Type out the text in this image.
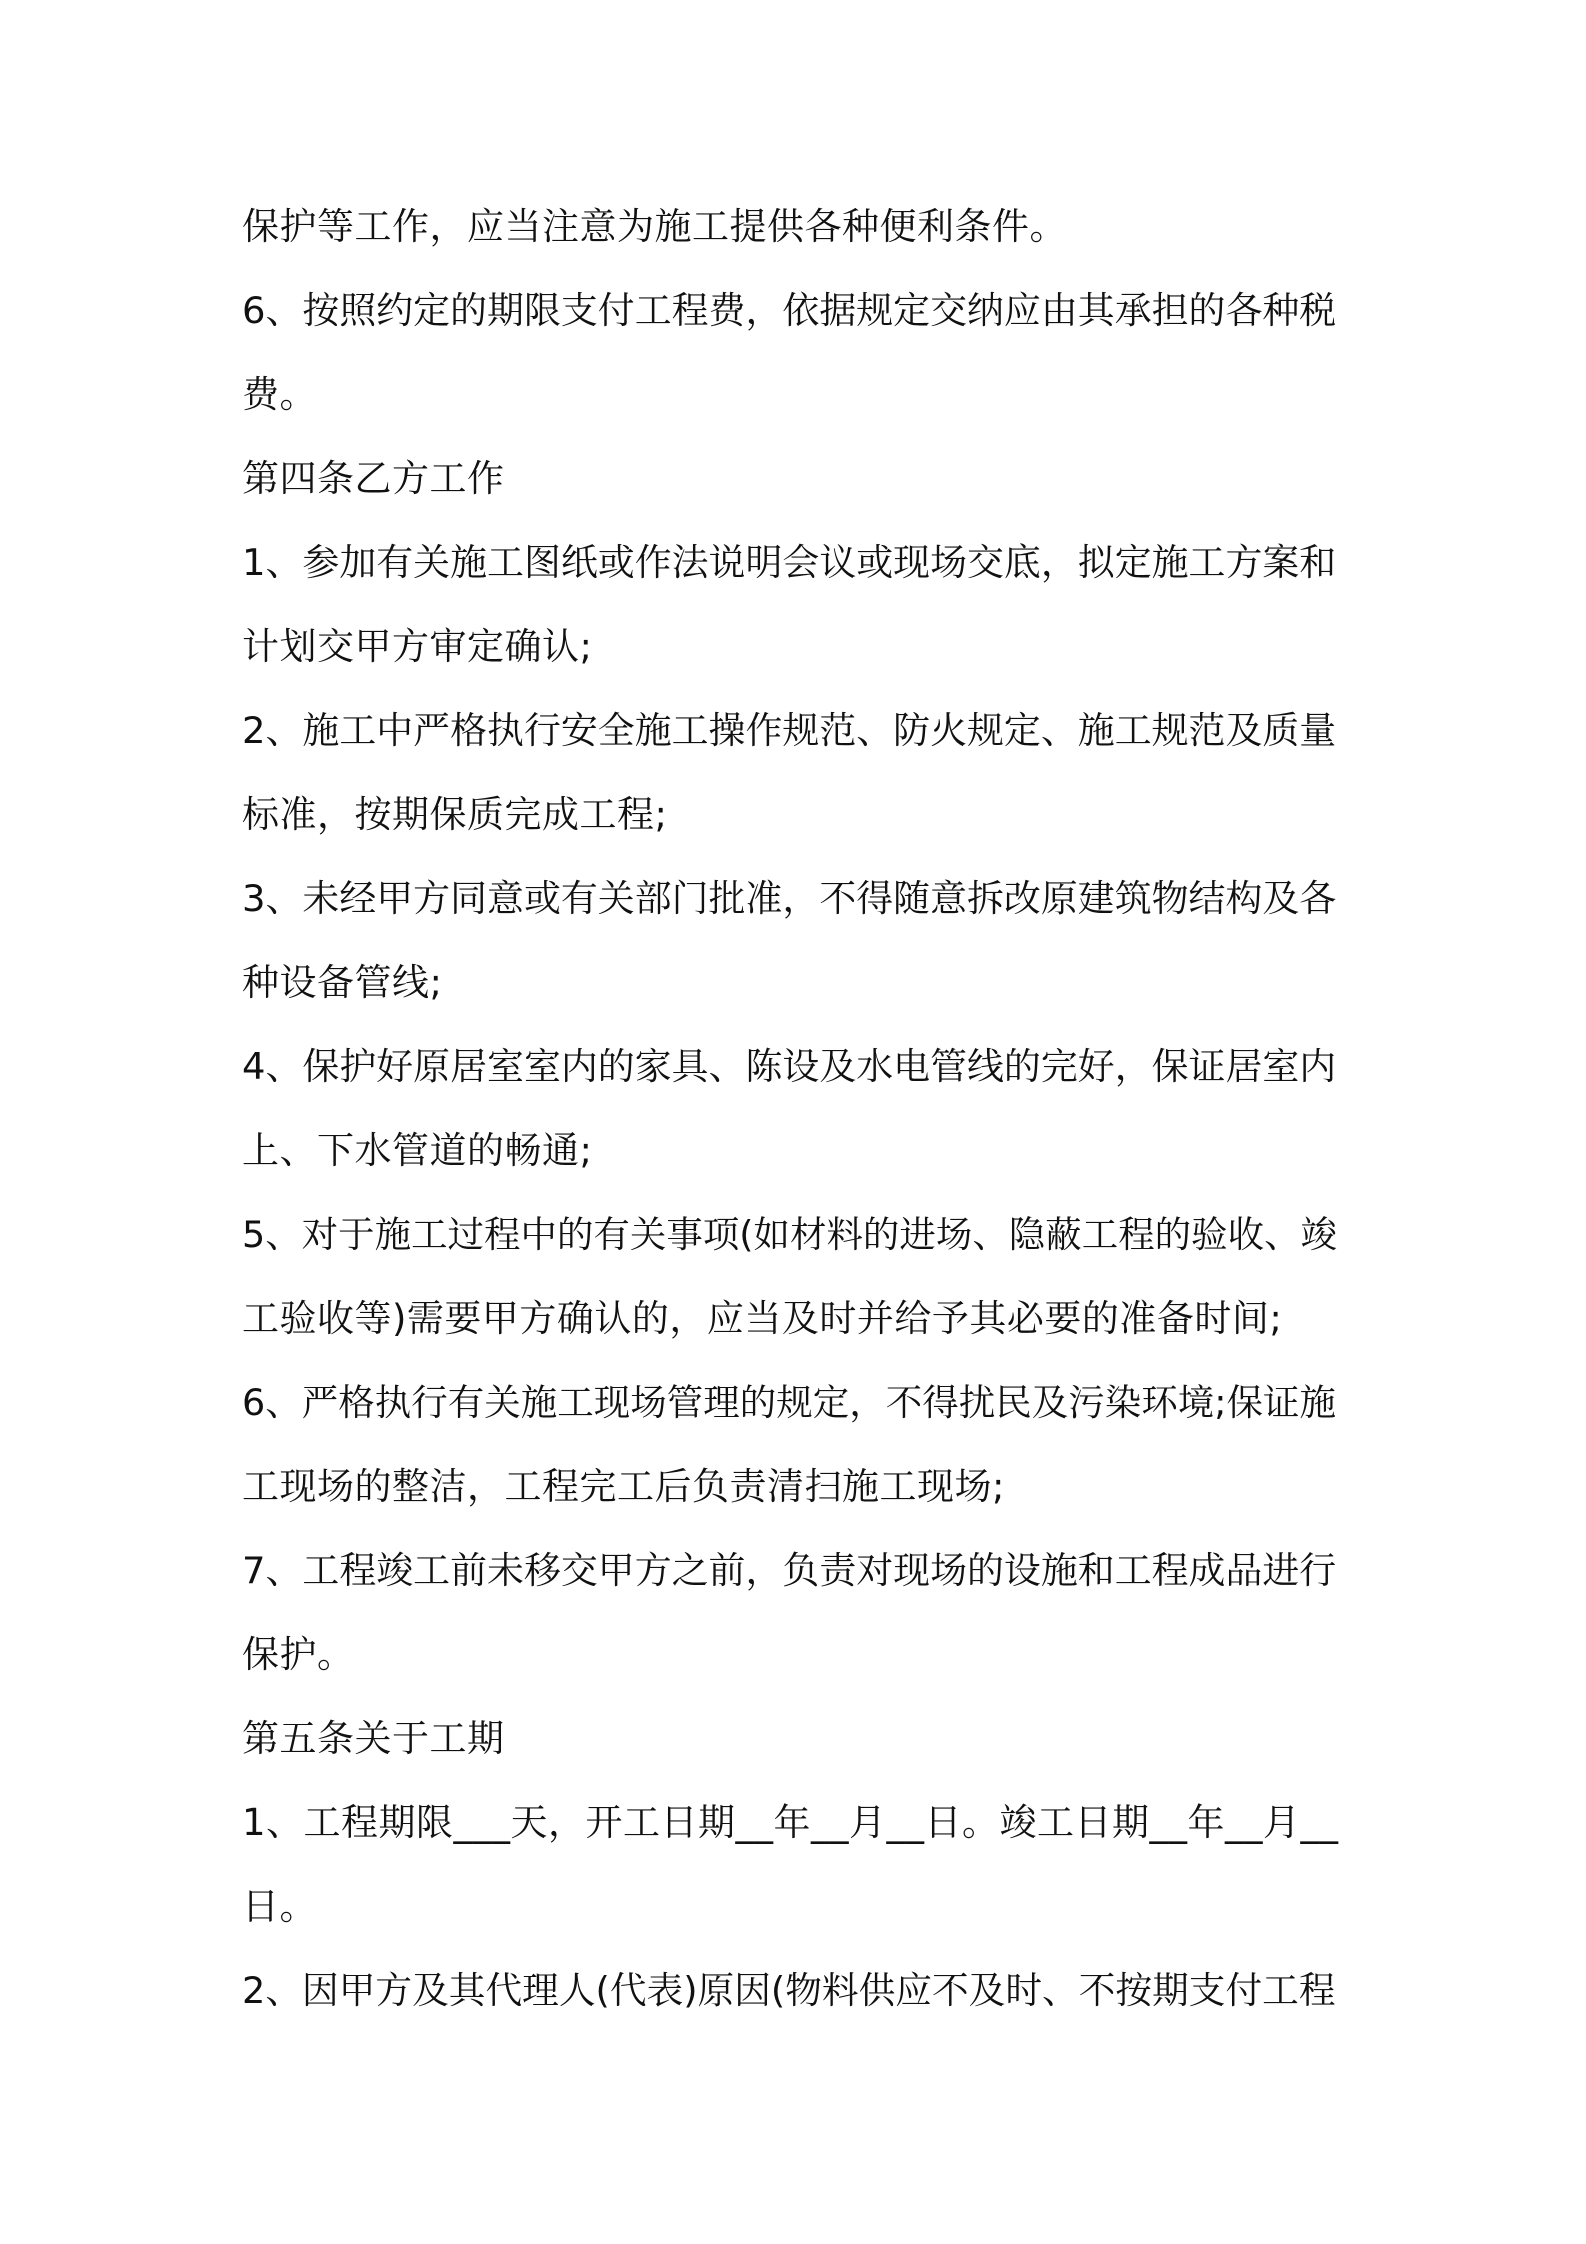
保护等工作，应当注意为施工提供各种便利条件。
6、按照约定的期限支付工程费，依据规定交纳应由其承担的各种税
费。
第四条乙方工作
1、参加有关施工图纸或作法说明会议或现场交底，拟定施工方案和
计划交甲方审定确认;
2、施工中严格执行安全施工操作规范、防火规定、施工规范及质量
标准，按期保质完成工程;
3、未经甲方同意或有关部门批准，不得随意拆改原建筑物结构及各
种设备管线;
4、保护好原居室室内的家具、陈设及水电管线的完好，保证居室内
上、下水管道的畅通;
5、对于施工过程中的有关事项(如材料的进场、隐蔽工程的验收、竣
工验收等)需要甲方确认的，应当及时并给予其必要的准备时间;
6、严格执行有关施工现场管理的规定，不得扰民及污染环境;保证施
工现场的整洁，工程完工后负责清扫施工现场;
7、工程竣工前未移交甲方之前，负责对现场的设施和工程成品进行
保护。
第五条关于工期
1、工程期限___天，开工日期__年__月__日。竣工日期__年__月__
日。
2、因甲方及其代理人(代表)原因(物料供应不及时、不按期支付工程
